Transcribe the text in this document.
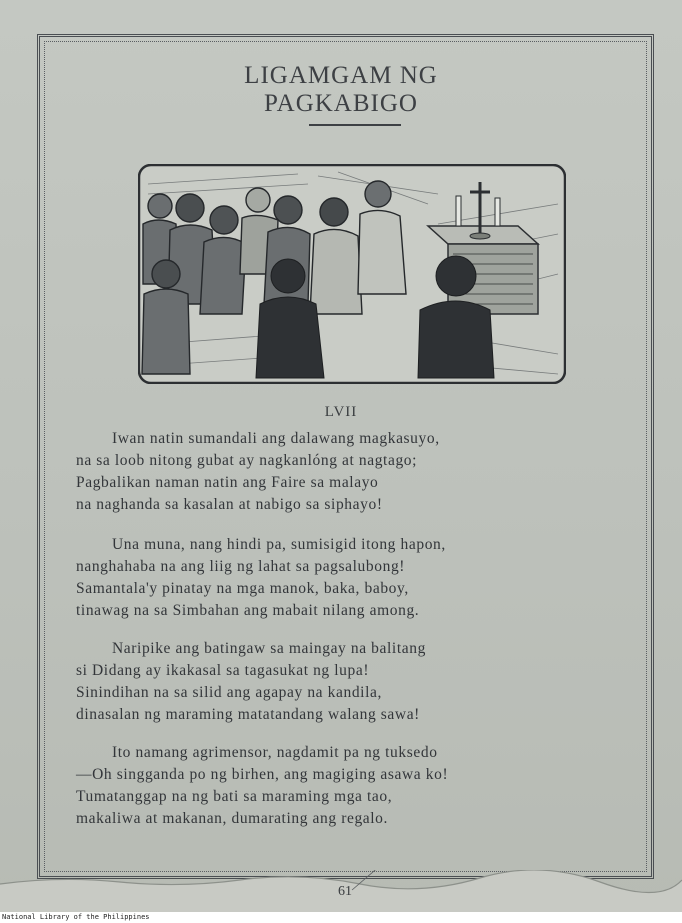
LIGAMGAM NG
PAGKABIGO
LVII
Iwan natin sumandali ang dalawang magkasuyo,
na sa loob nitong gubat ay nagkanlóng at nagtago;
Pagbalikan naman natin ang Faire sa malayo
na naghanda sa kasalan at nabigo sa siphayo!
Una muna, nang hindi pa, sumisigid itong hapon,
nanghahaba na ang liig ng lahat sa pagsalubong!
Samantala'y pinatay na mga manok, baka, baboy,
tinawag na sa Simbahan ang mabait nilang among.
Naripike ang batingaw sa maingay na balitang
si Didang ay ikakasal sa tagasukat ng lupa!
Sinindihan na sa silid ang agapay na kandila,
dinasalan ng maraming matatandang walang sawa!
Ito namang agrimensor, nagdamit pa ng tuksedo
—Oh singganda po ng birhen, ang magiging asawa ko!
Tumatanggap na ng bati sa maraming mga tao,
makaliwa at makanan, dumarating ang regalo.
61
National Library of the Philippines
